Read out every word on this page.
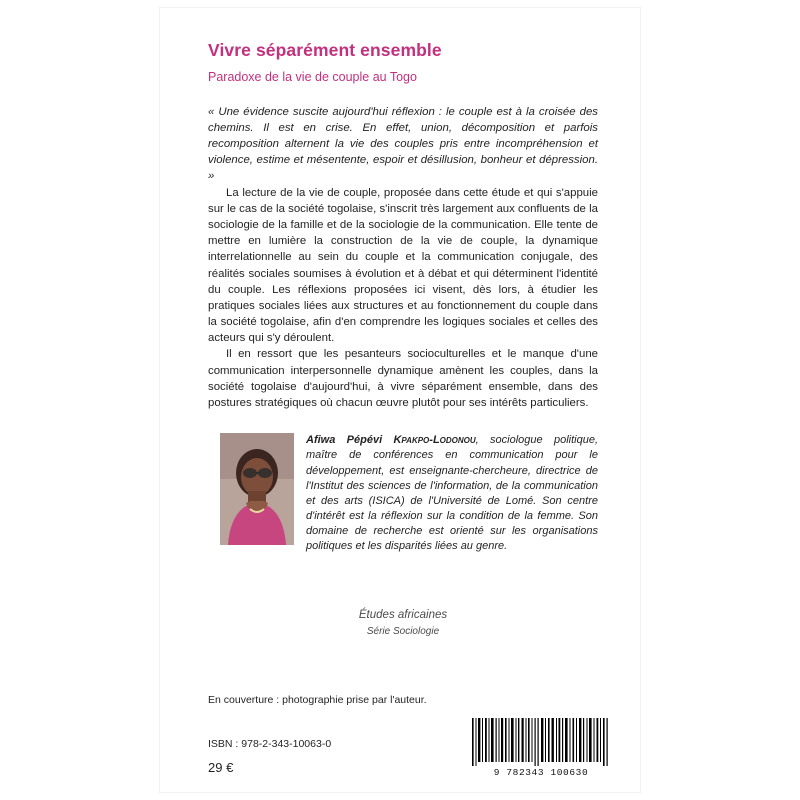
Vivre séparément ensemble
Paradoxe de la vie de couple au Togo

« Une évidence suscite aujourd'hui réflexion : le couple est à la croisée des chemins. Il est en crise. En effet, union, décomposition et parfois recomposition alternent la vie des couples pris entre incompréhension et violence, estime et mésentente, espoir et désillusion, bonheur et dépression. »

La lecture de la vie de couple, proposée dans cette étude et qui s'appuie sur le cas de la société togolaise, s'inscrit très largement aux confluents de la sociologie de la famille et de la sociologie de la communication. Elle tente de mettre en lumière la construction de la vie de couple, la dynamique interrelationnelle au sein du couple et la communication conjugale, des réalités sociales soumises à évolution et à débat et qui déterminent l'identité du couple. Les réflexions proposées ici visent, dès lors, à étudier les pratiques sociales liées aux structures et au fonctionnement du couple dans la société togolaise, afin d'en comprendre les logiques sociales et celles des acteurs qui s'y déroulent.

Il en ressort que les pesanteurs socioculturelles et le manque d'une communication interpersonnelle dynamique amènent les couples, dans la société togolaise d'aujourd'hui, à vivre séparément ensemble, dans des postures stratégiques où chacun œuvre plutôt pour ses intérêts particuliers.

Afiwa Pépévi Kpakpo-Lodonou, sociologue politique, maître de conférences en communication pour le développement, est enseignante-chercheure, directrice de l'Institut des sciences de l'information, de la communication et des arts (ISICA) de l'Université de Lomé. Son centre d'intérêt est la réflexion sur la condition de la femme. Son domaine de recherche est orienté sur les organisations politiques et les disparités liées au genre.
Études africaines
Série Sociologie
En couverture : photographie prise par l'auteur.
ISBN : 978-2-343-10063-0
29 €	9 782343 100630
